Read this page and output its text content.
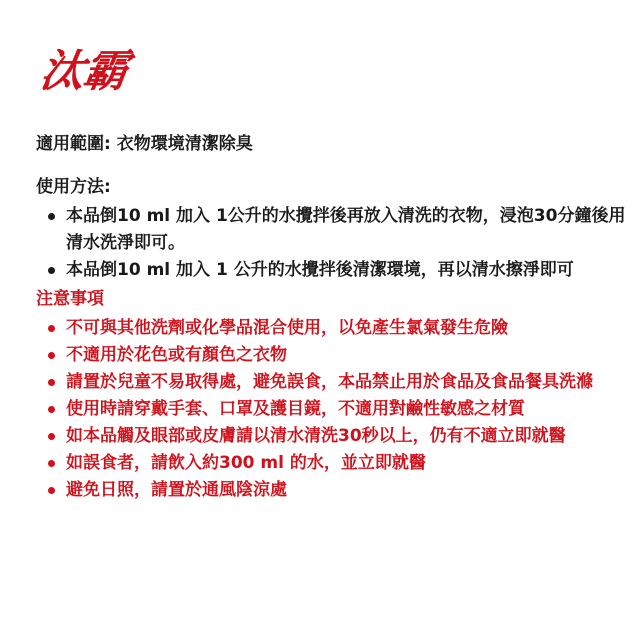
汰霸

適用範圍: 衣物環境清潔除臭

使用方法:

本品倒10 ml 加入 1公升的水攪拌後再放入清洗的衣物，浸泡30分鐘後用清水洗淨即可。
本品倒10 ml 加入 1 公升的水攪拌後清潔環境，再以清水擦淨即可

注意事項

不可與其他洗劑或化學品混合使用，以免產生氯氣發生危險
不適用於花色或有顏色之衣物
請置於兒童不易取得處，避免誤食，本品禁止用於食品及食品餐具洗滌
使用時請穿戴手套、口罩及護目鏡，不適用對鹼性敏感之材質
如本品觸及眼部或皮膚請以清水清洗30秒以上，仍有不適立即就醫
如誤食者，請飲入約300 ml 的水，並立即就醫
避免日照，請置於通風陰涼處
